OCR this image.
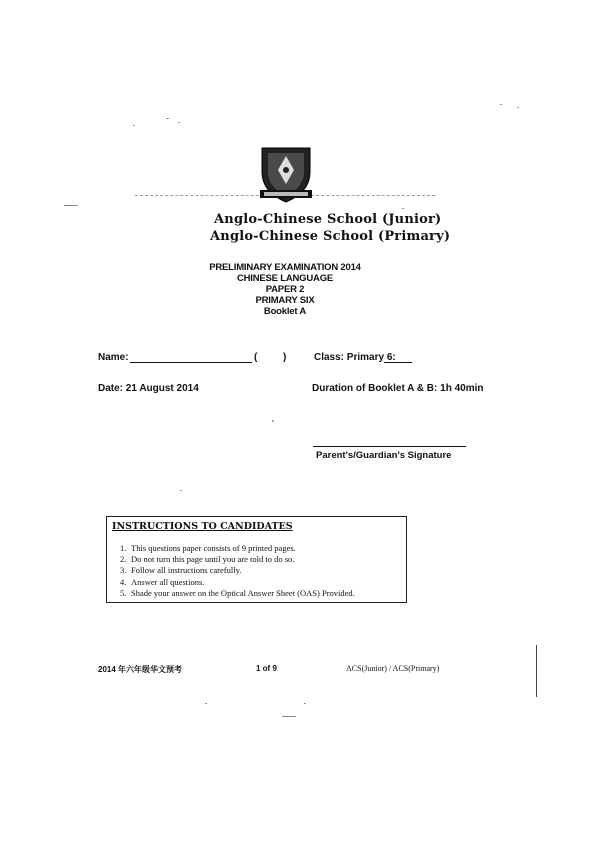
Anglo-Chinese School (Junior)
Anglo-Chinese School (Primary)
PRELIMINARY EXAMINATION 2014
CHINESE LANGUAGE
PAPER 2
PRIMARY SIX
Booklet A
Name:	(	)	Class: Primary 6:
Date: 21 August 2014	Duration of Booklet A & B: 1h 40min
Parent's/Guardian's Signature
INSTRUCTIONS TO CANDIDATES
1. This questions paper consists of 9 printed pages.
2. Do not turn this page until you are told to do so.
3. Follow all instructions carefully.
4. Answer all questions.
5. Shade your answer on the Optical Answer Sheet (OAS) Provided.
2014 年六年级华文预考	1 of 9	ACS(Junior) / ACS(Primary)
